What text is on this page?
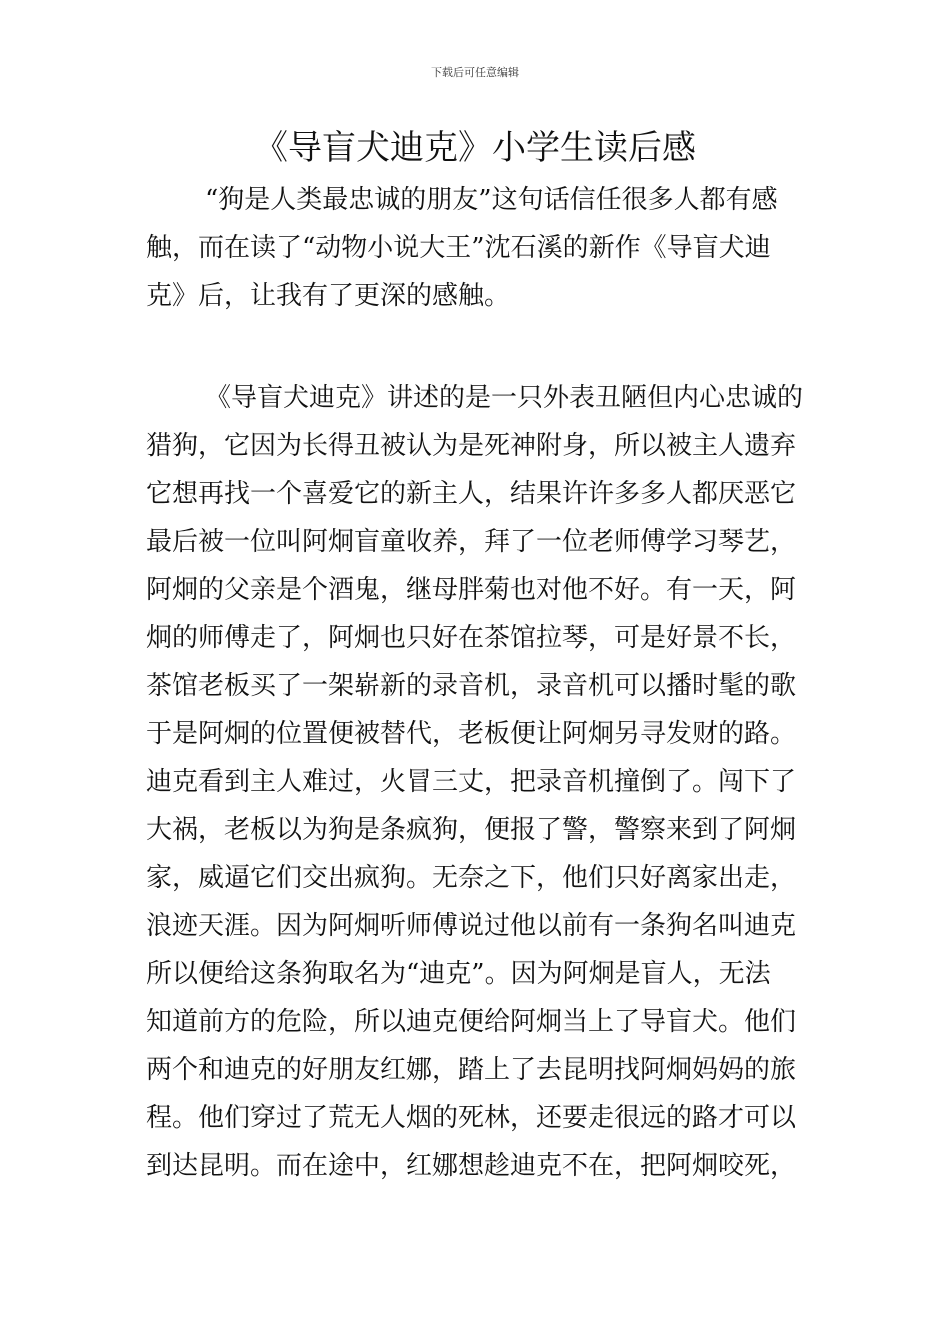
下载后可任意编辑
《导盲犬迪克》小学生读后感
“狗是人类最忠诚的朋友”这句话信任很多人都有感
触，而在读了“动物小说大王”沈石溪的新作《导盲犬迪
克》后，让我有了更深的感触。
《导盲犬迪克》讲述的是一只外表丑陋但内心忠诚的
猎狗，它因为长得丑被认为是死神附身，所以被主人遗弃
它想再找一个喜爱它的新主人，结果许许多多人都厌恶它
最后被一位叫阿炯盲童收养，拜了一位老师傅学习琴艺，
阿炯的父亲是个酒鬼，继母胖菊也对他不好。有一天，阿
炯的师傅走了，阿炯也只好在茶馆拉琴，可是好景不长，
茶馆老板买了一架崭新的录音机，录音机可以播时髦的歌
于是阿炯的位置便被替代，老板便让阿炯另寻发财的路。
迪克看到主人难过，火冒三丈，把录音机撞倒了。闯下了
大祸，老板以为狗是条疯狗，便报了警，警察来到了阿炯
家，威逼它们交出疯狗。无奈之下，他们只好离家出走，
浪迹天涯。因为阿炯听师傅说过他以前有一条狗名叫迪克
所以便给这条狗取名为“迪克”。因为阿炯是盲人，无法
知道前方的危险，所以迪克便给阿炯当上了导盲犬。他们
两个和迪克的好朋友红娜，踏上了去昆明找阿炯妈妈的旅
程。他们穿过了荒无人烟的死林，还要走很远的路才可以
到达昆明。而在途中，红娜想趁迪克不在，把阿炯咬死，
